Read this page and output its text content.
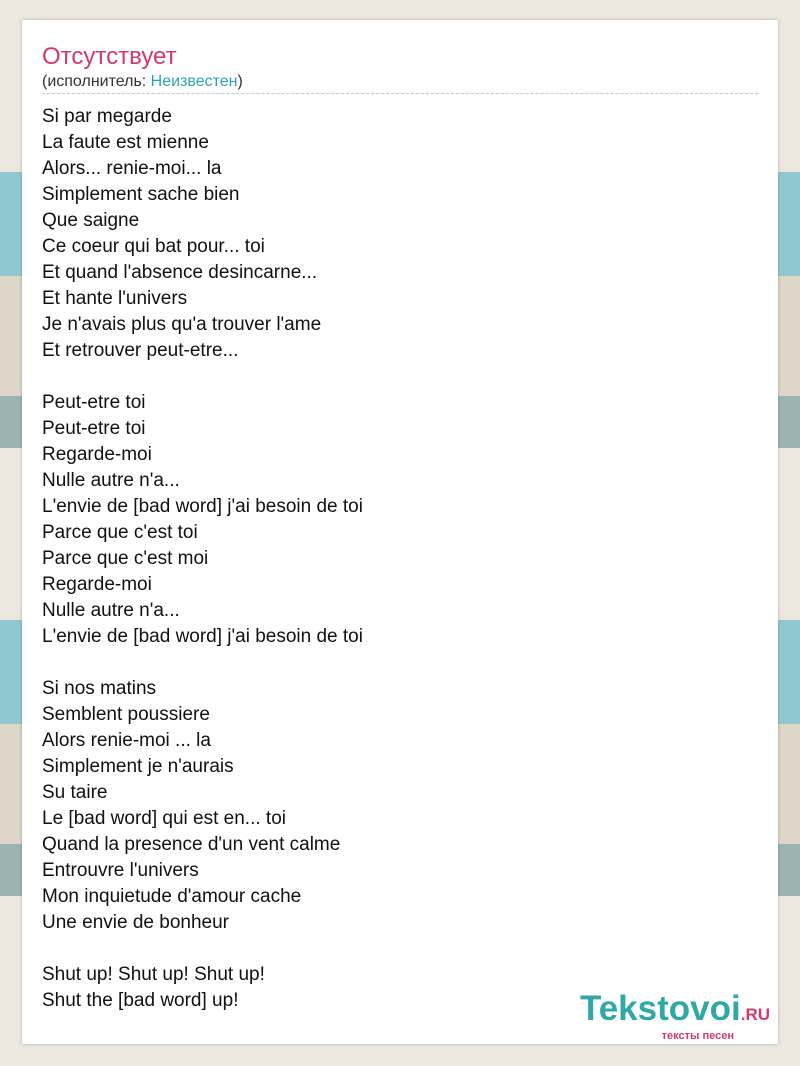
Отсутствует
(исполнитель: Неизвестен)
Si par megarde
La faute est mienne
Alors... renie-moi... la
Simplement sache bien
Que saigne
Ce coeur qui bat pour... toi
Et quand l'absence desincarne...
Et hante l'univers
Je n'avais plus qu'a trouver l'ame
Et retrouver peut-etre...
Peut-etre toi
Peut-etre toi
Regarde-moi
Nulle autre n'a...
L'envie de [bad word] j'ai besoin de toi
Parce que c'est toi
Parce que c'est moi
Regarde-moi
Nulle autre n'a...
L'envie de [bad word] j'ai besoin de toi
Si nos matins
Semblent poussiere
Alors renie-moi ... la
Simplement je n'aurais
Su taire
Le [bad word] qui est en... toi
Quand la presence d'un vent calme
Entrouvre l'univers
Mon inquietude d'amour cache
Une envie de bonheur
Shut up! Shut up! Shut up!
Shut the [bad word] up!	Tekstovoi.RU
тексты песен
